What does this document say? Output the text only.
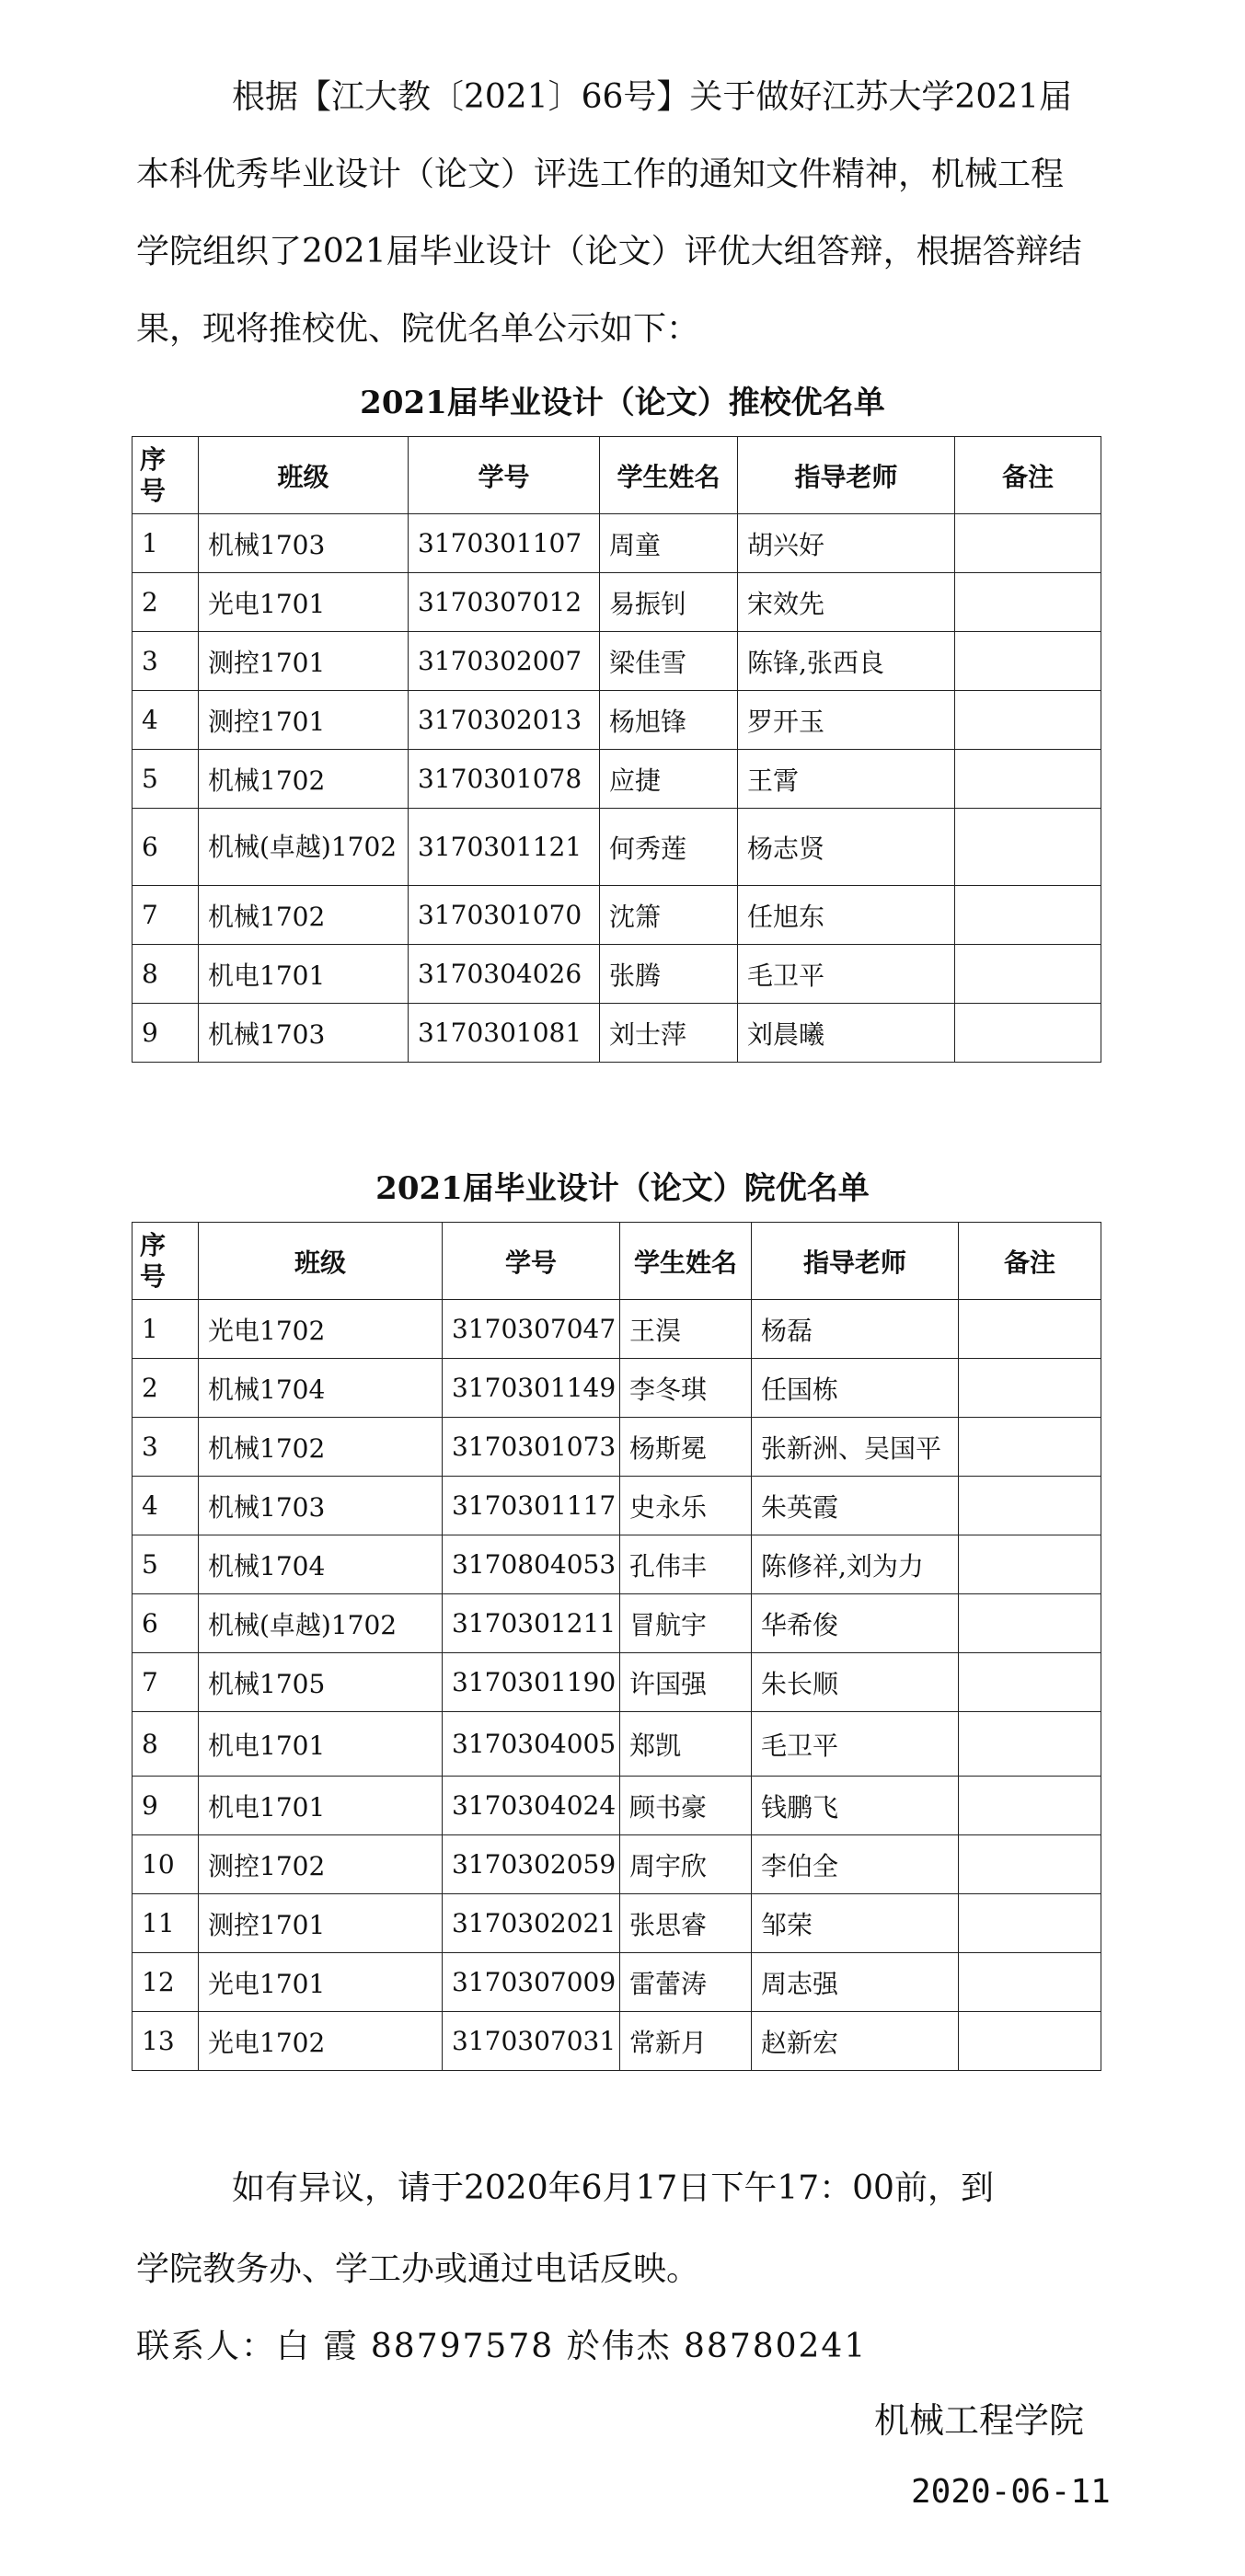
根据【江大教〔2021〕66号】关于做好江苏大学2021届本科优秀毕业设计（论文）评选工作的通知文件精神，机械工程学院组织了2021届毕业设计（论文）评优大组答辩，根据答辩结果，现将推校优、院优名单公示如下：

2021届毕业设计（论文）推校优名单
序号	班级	学号	学生姓名	指导老师	备注
1	机械1703	3170301107	周童	胡兴好	
2	光电1701	3170307012	易振钊	宋效先	
3	测控1701	3170302007	梁佳雪	陈锋,张西良	
4	测控1701	3170302013	杨旭锋	罗开玉	
5	机械1702	3170301078	应捷	王霄	
6	机械(卓越)1702	3170301121	何秀莲	杨志贤	
7	机械1702	3170301070	沈箫	任旭东	
8	机电1701	3170304026	张腾	毛卫平	
9	机械1703	3170301081	刘士萍	刘晨曦	
2021届毕业设计（论文）院优名单
序号	班级	学号	学生姓名	指导老师	备注
1	光电1702	3170307047	王淏	杨磊	
2	机械1704	3170301149	李冬琪	任国栋	
3	机械1702	3170301073	杨斯冕	张新洲、吴国平	
4	机械1703	3170301117	史永乐	朱英霞	
5	机械1704	3170804053	孔伟丰	陈修祥,刘为力	
6	机械(卓越)1702	3170301211	冒航宇	华希俊	
7	机械1705	3170301190	许国强	朱长顺	
8	机电1701	3170304005	郑凯	毛卫平	
9	机电1701	3170304024	顾书豪	钱鹏飞	
10	测控1702	3170302059	周宇欣	李伯全	
11	测控1701	3170302021	张思睿	邹荣	
12	光电1701	3170307009	雷蕾涛	周志强	
13	光电1702	3170307031	常新月	赵新宏	
如有异议，请于2020年6月17日下午17：00前，到
学院教务办、学工办或通过电话反映。
联系人：白 霞 88797578 於伟杰 88780241
机械工程学院
2020-06-11
